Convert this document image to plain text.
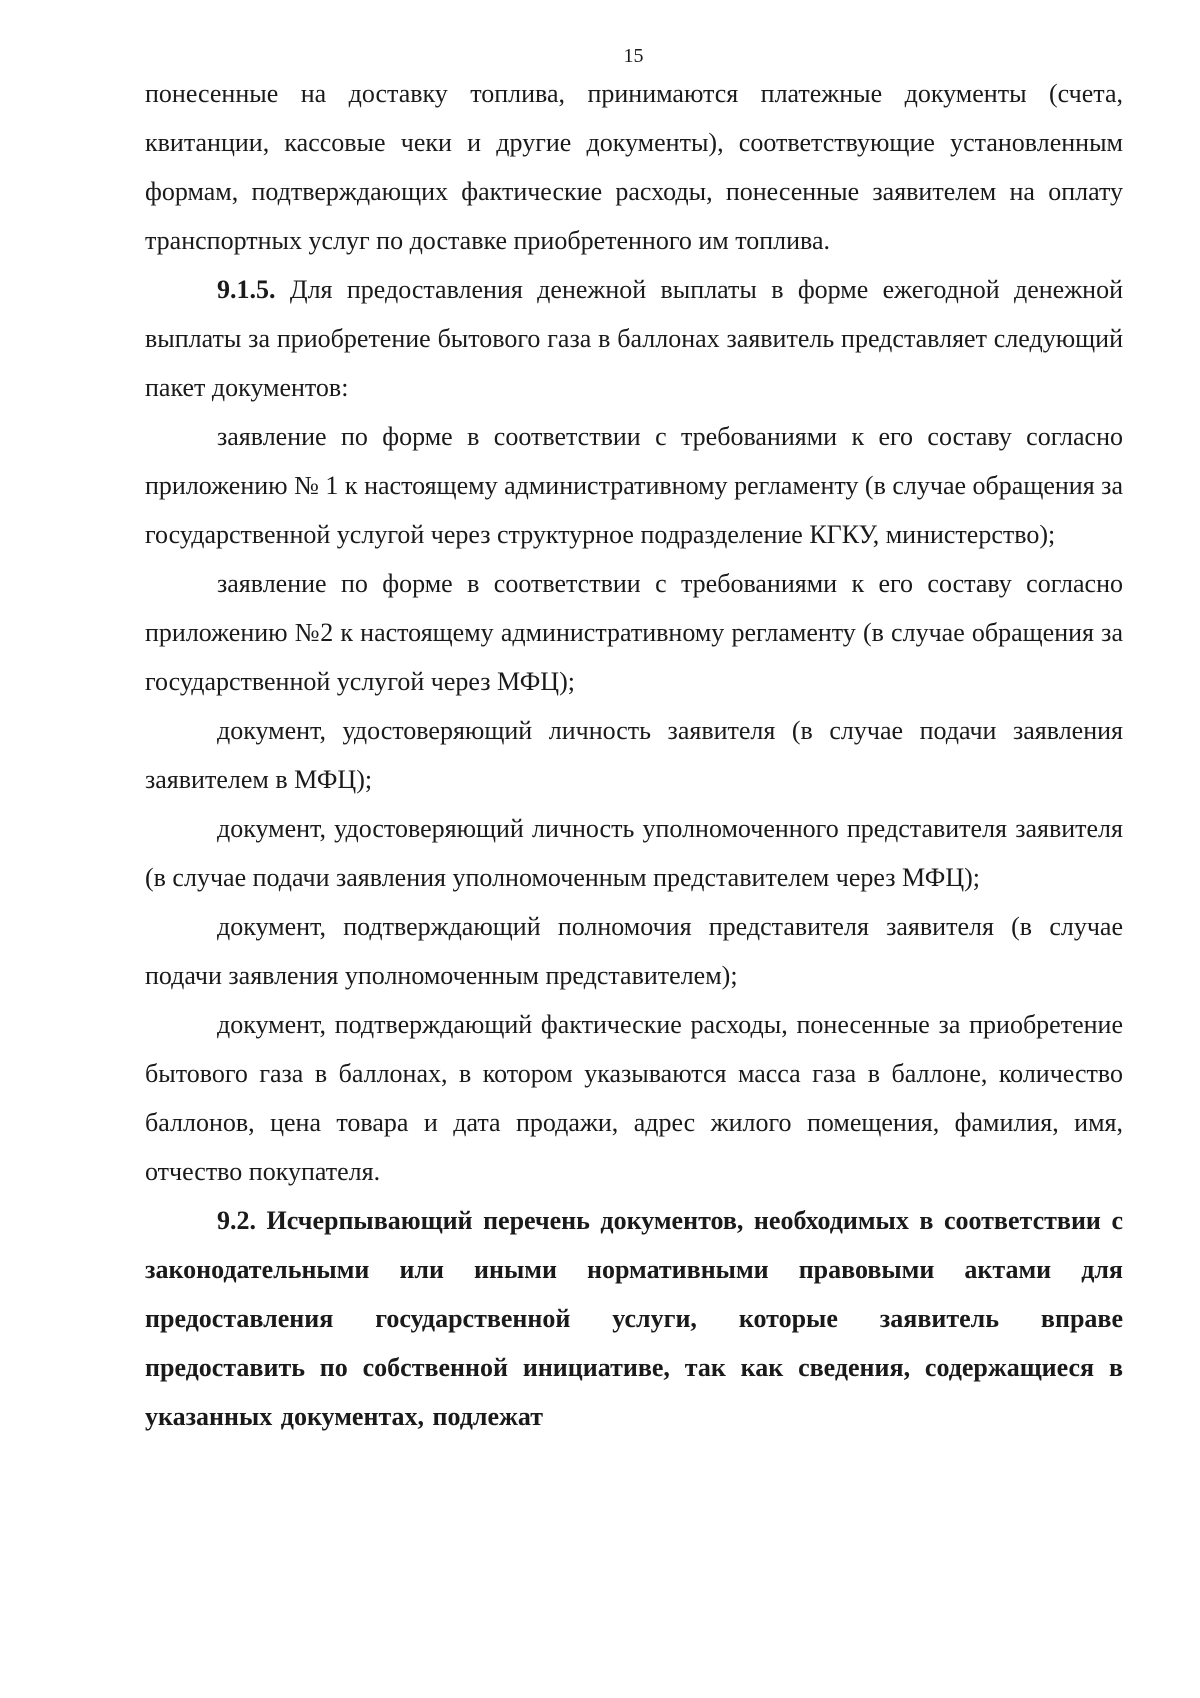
15

понесенные на доставку топлива, принимаются платежные документы (счета, квитанции, кассовые чеки и другие документы), соответствующие установленным формам, подтверждающих фактические расходы, понесенные заявителем на оплату транспортных услуг по доставке приобретенного им топлива.

9.1.5. Для предоставления денежной выплаты в форме ежегодной денежной выплаты за приобретение бытового газа в баллонах заявитель представляет следующий пакет документов:

заявление по форме в соответствии с требованиями к его составу согласно приложению № 1 к настоящему административному регламенту (в случае обращения за государственной услугой через структурное подразделение КГКУ, министерство);

заявление по форме в соответствии с требованиями к его составу согласно приложению №2 к настоящему административному регламенту (в случае обращения за государственной услугой через МФЦ);

документ, удостоверяющий личность заявителя (в случае подачи заявления заявителем в МФЦ);

документ, удостоверяющий личность уполномоченного представителя заявителя (в случае подачи заявления уполномоченным представителем через МФЦ);

документ, подтверждающий полномочия представителя заявителя (в случае подачи заявления уполномоченным представителем);

документ, подтверждающий фактические расходы, понесенные за приобретение бытового газа в баллонах, в котором указываются масса газа в баллоне, количество баллонов, цена товара и дата продажи, адрес жилого помещения, фамилия, имя, отчество покупателя.

9.2. Исчерпывающий перечень документов, необходимых в соответствии с законодательными или иными нормативными правовыми актами для предоставления государственной услуги, которые заявитель вправе предоставить по собственной инициативе, так как сведения, содержащиеся в указанных документах, подлежат
